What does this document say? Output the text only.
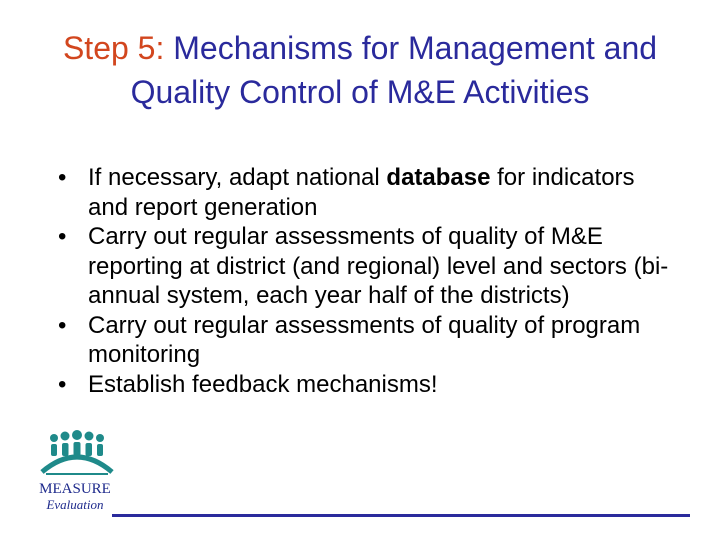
Step 5: Mechanisms for Management and Quality Control of M&E Activities
• If necessary, adapt national database for indicators and report generation
• Carry out regular assessments of quality of M&E reporting at district (and regional) level and sectors (bi-annual system, each year half of the districts)
• Carry out regular assessments of quality of program monitoring
• Establish feedback mechanisms!
MEASURE
Evaluation
